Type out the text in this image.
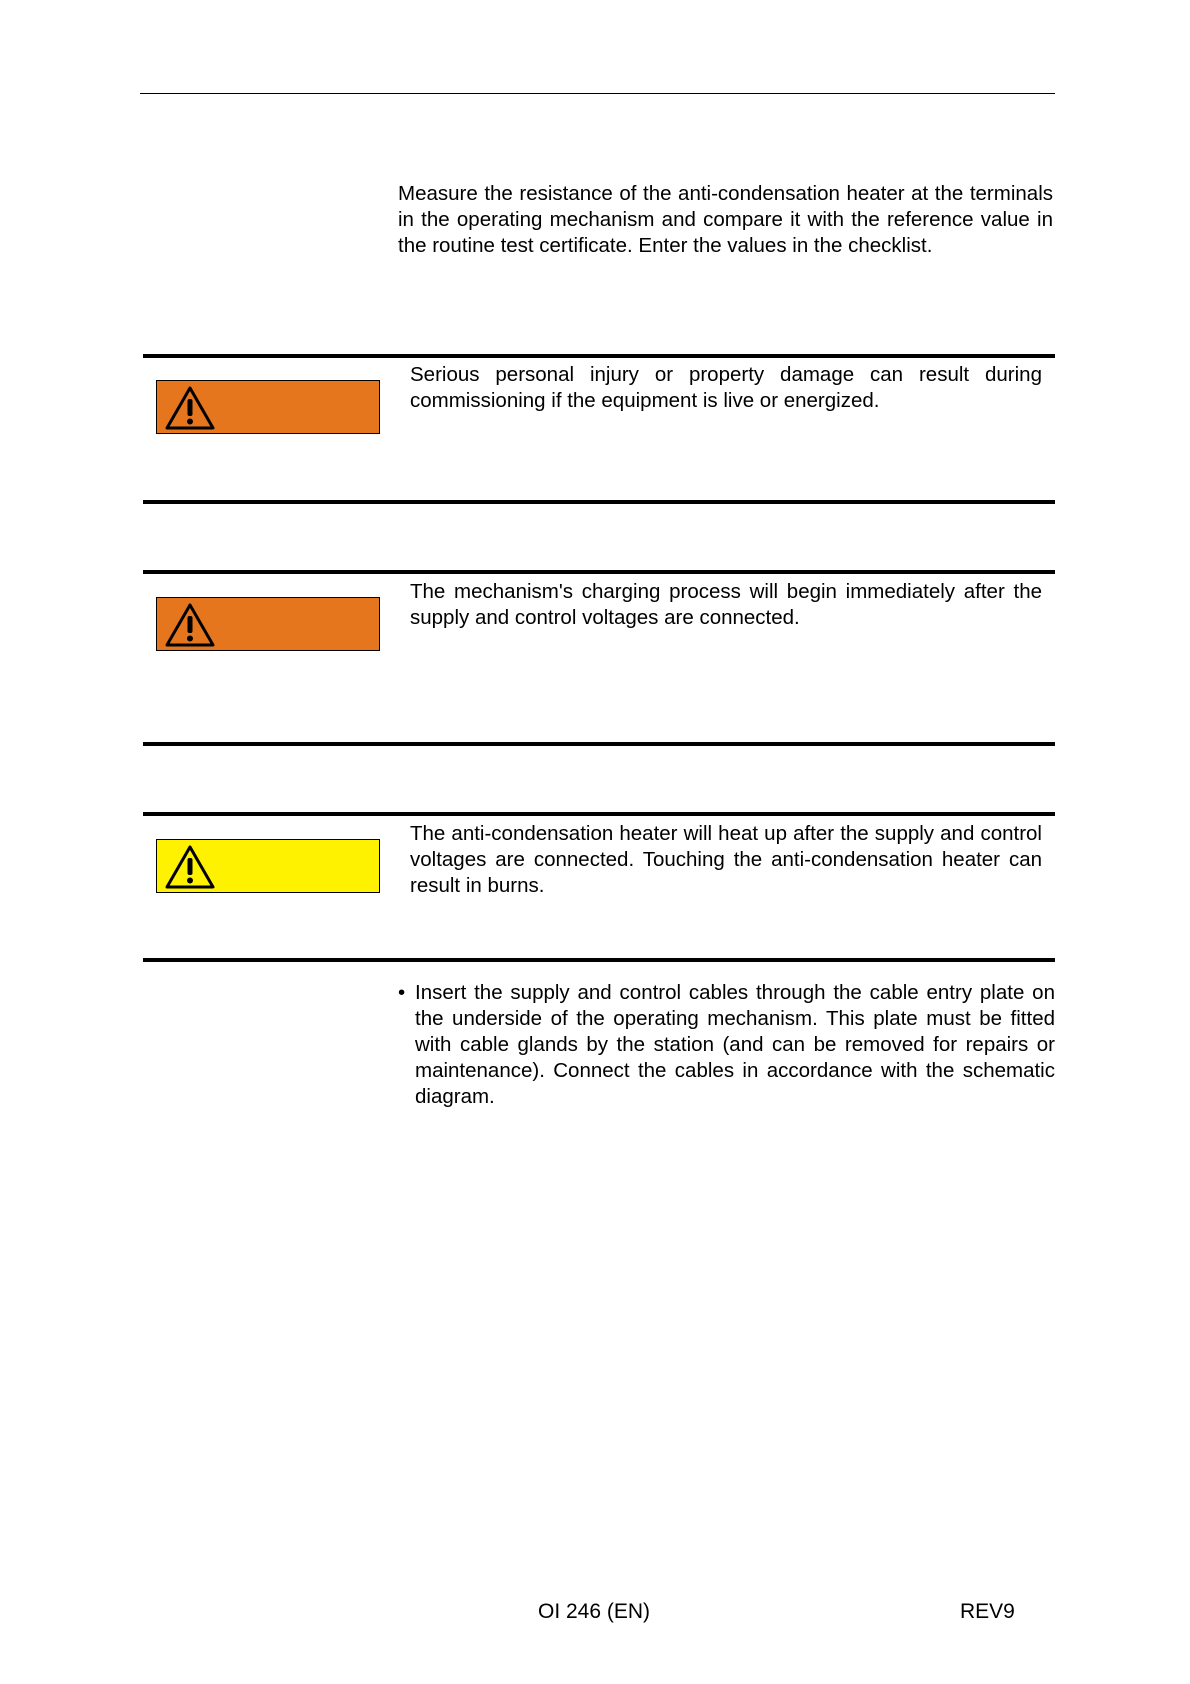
Measure the resistance of the anti-condensation heater at the terminals in the operating mechanism and compare it with the reference value in the routine test certificate. Enter the values in the checklist.

Serious personal injury or property damage can result during commissioning if the equipment is live or energized.

The mechanism's charging process will begin immediately after the supply and control voltages are connected.

The anti-condensation heater will heat up after the supply and control voltages are connected. Touching the anti-condensation heater can result in burns.

• Insert the supply and control cables through the cable entry plate on the underside of the operating mechanism. This plate must be fitted with cable glands by the station (and can be removed for repairs or maintenance). Connect the cables in accordance with the schematic diagram.

OI 246 (EN)	REV9
